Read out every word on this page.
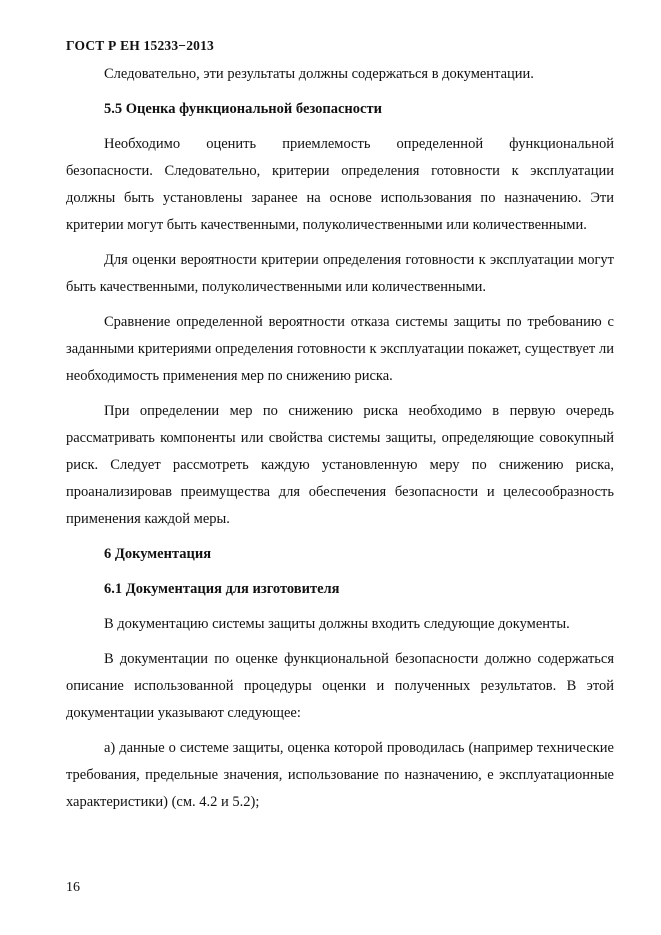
ГОСТ Р ЕН 15233−2013

Следовательно, эти результаты должны содержаться в документации.

5.5 Оценка функциональной безопасности

Необходимо оценить приемлемость определенной функциональной безопасности. Следовательно, критерии определения готовности к эксплуатации должны быть установлены заранее на основе использования по назначению. Эти критерии могут быть качественными, полуколичественными или количественными.

Для оценки вероятности критерии определения готовности к эксплуатации могут быть качественными, полуколичественными или количественными.

Сравнение определенной вероятности отказа системы защиты по требованию с заданными критериями определения готовности к эксплуатации покажет, существует ли необходимость применения мер по снижению риска.

При определении мер по снижению риска необходимо в первую очередь рассматривать компоненты или свойства системы защиты, определяющие совокупный риск. Следует рассмотреть каждую установленную меру по снижению риска, проанализировав преимущества для обеспечения безопасности и целесообразность применения каждой меры.

6 Документация

6.1 Документация для изготовителя

В документацию системы защиты должны входить следующие документы.

В документации по оценке функциональной безопасности должно содержаться описание использованной процедуры оценки и полученных результатов. В этой документации указывают следующее:

а) данные о системе защиты, оценка которой проводилась (например технические требования, предельные значения, использование по назначению, е эксплуатационные характеристики) (см. 4.2 и 5.2);

16
